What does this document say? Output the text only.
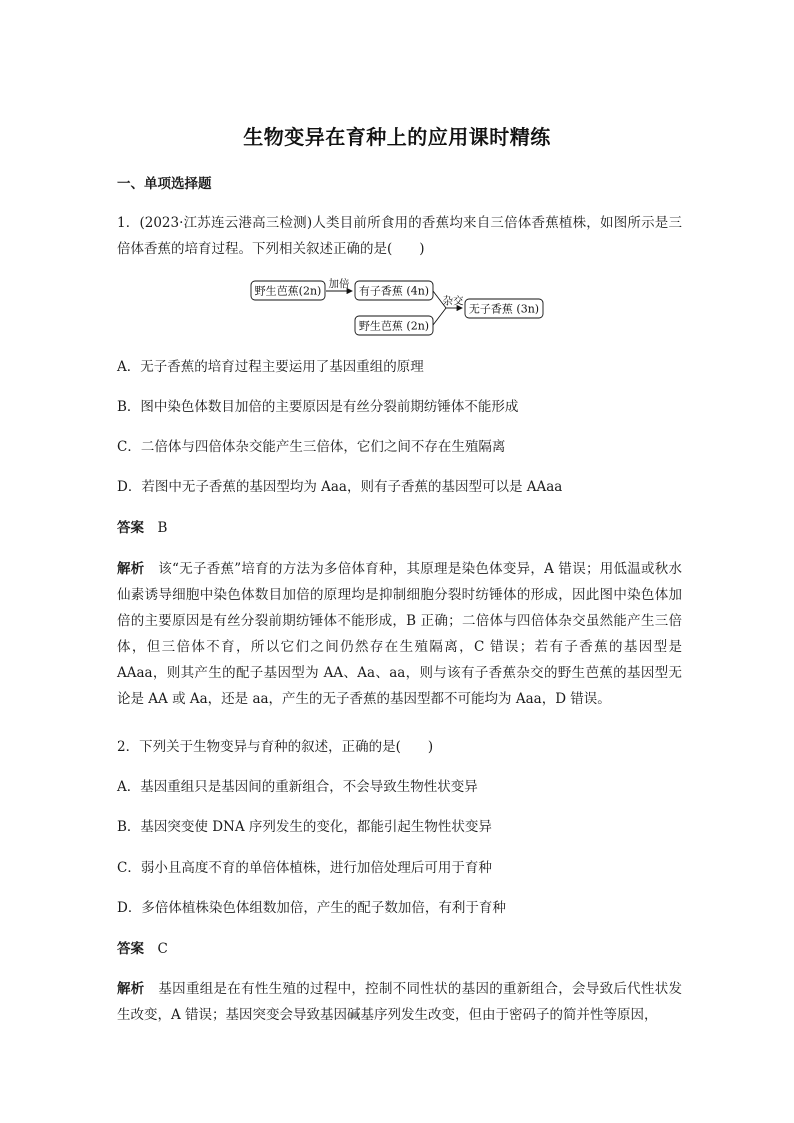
生物变异在育种上的应用课时精练
一、单项选择题
1．(2023·江苏连云港高三检测)人类目前所食用的香蕉均来自三倍体香蕉植株，如图所示是三倍体香蕉的培育过程。下列相关叙述正确的是(　　)
野生芭蕉(2n)
加倍
有子香蕉 (4n)
野生芭蕉 (2n)
杂交
无子香蕉 (3n)
A．无子香蕉的培育过程主要运用了基因重组的原理
B．图中染色体数目加倍的主要原因是有丝分裂前期纺锤体不能形成
C．二倍体与四倍体杂交能产生三倍体，它们之间不存在生殖隔离
D．若图中无子香蕉的基因型均为 Aaa，则有子香蕉的基因型可以是 AAaa
答案　 B
解析　 该“无子香蕉”培育的方法为多倍体育种，其原理是染色体变异，A 错误；用低温或秋水仙素诱导细胞中染色体数目加倍的原理均是抑制细胞分裂时纺锤体的形成，因此图中染色体加倍的主要原因是有丝分裂前期纺锤体不能形成，B 正确；二倍体与四倍体杂交虽然能产生三倍体，但三倍体不育，所以它们之间仍然存在生殖隔离，C 错误；若有子香蕉的基因型是 AAaa，则其产生的配子基因型为 AA、Aa、aa，则与该有子香蕉杂交的野生芭蕉的基因型无论是 AA 或 Aa，还是 aa，产生的无子香蕉的基因型都不可能均为 Aaa，D 错误。
2．下列关于生物变异与育种的叙述，正确的是(　　)
A．基因重组只是基因间的重新组合，不会导致生物性状变异
B．基因突变使 DNA 序列发生的变化，都能引起生物性状变异
C．弱小且高度不育的单倍体植株，进行加倍处理后可用于育种
D．多倍体植株染色体组数加倍，产生的配子数加倍，有利于育种
答案　 C
解析　 基因重组是在有性生殖的过程中，控制不同性状的基因的重新组合，会导致后代性状发生改变，A 错误；基因突变会导致基因碱基序列发生改变，但由于密码子的简并性等原因，
